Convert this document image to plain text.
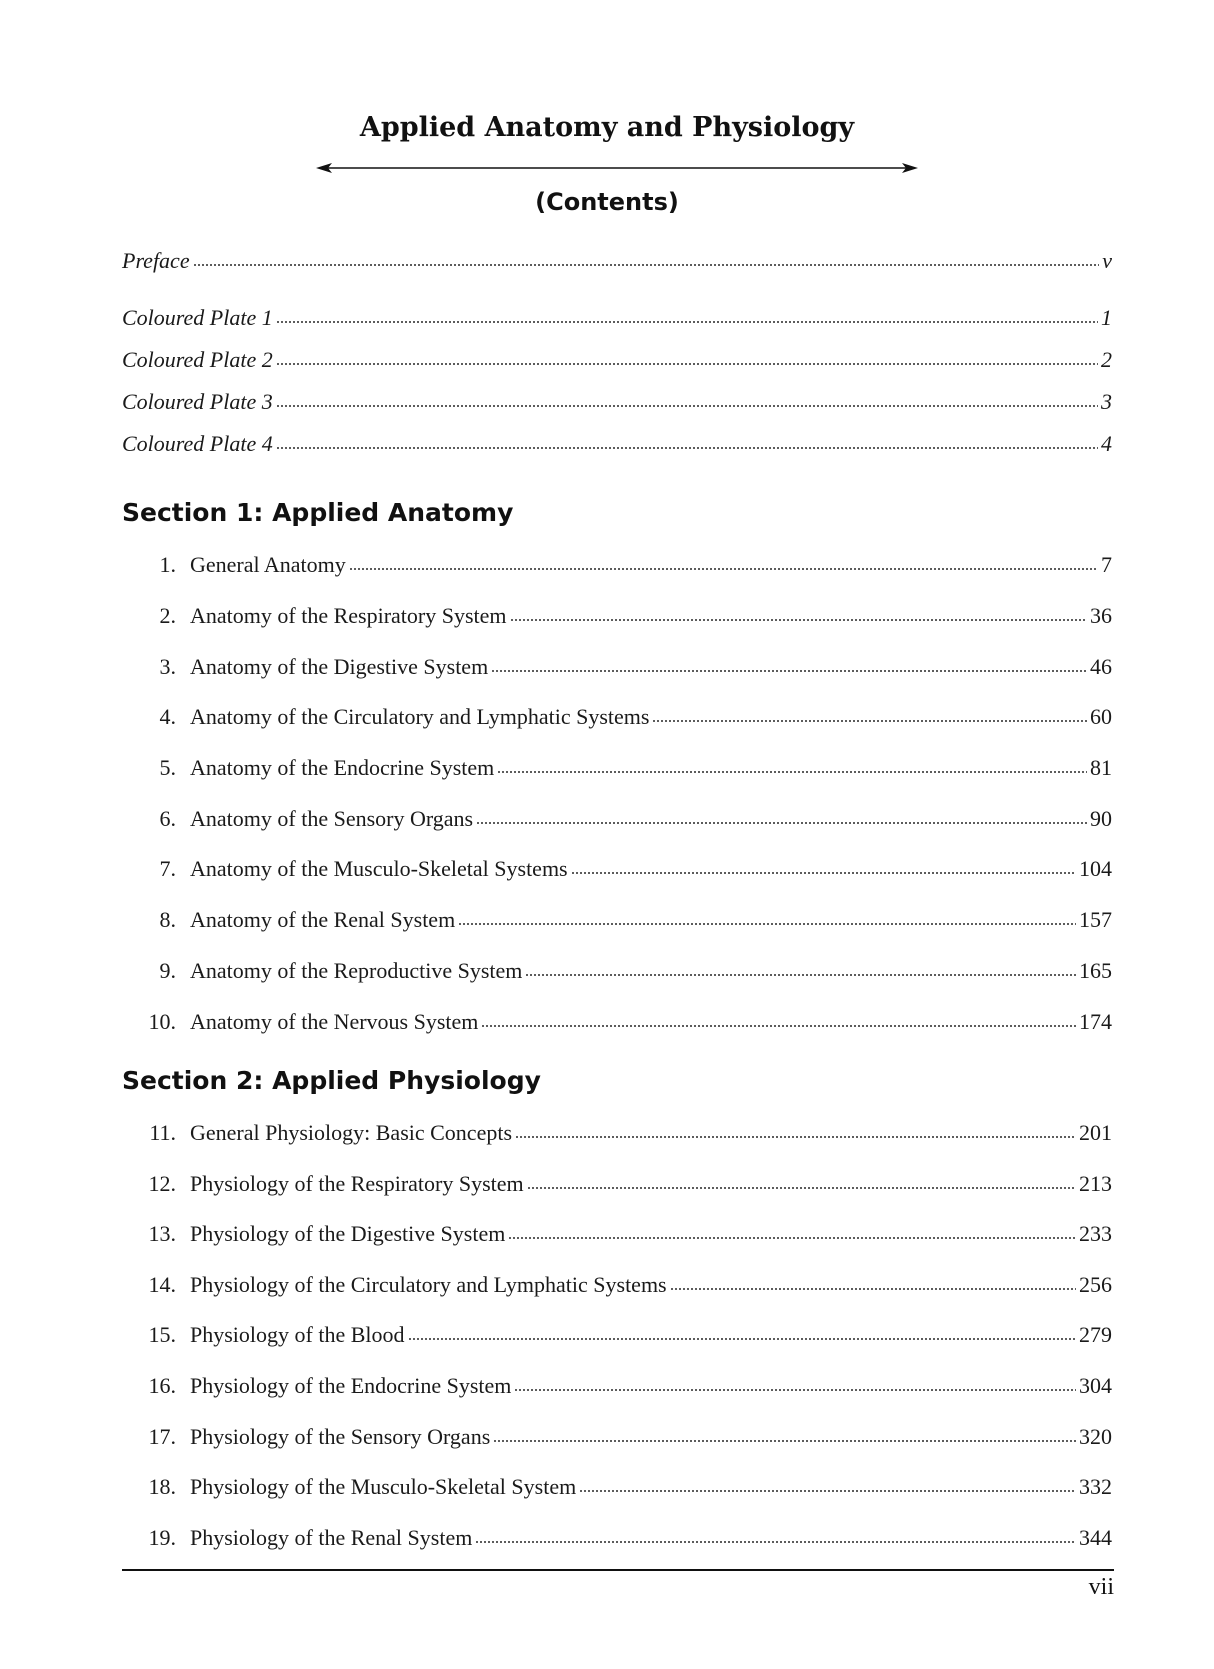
Applied Anatomy and Physiology
(Contents)
Preface	v
Coloured Plate 1	1
Coloured Plate 2	2
Coloured Plate 3	3
Coloured Plate 4	4
Section 1: Applied Anatomy
1. General Anatomy	7
2. Anatomy of the Respiratory System	36
3. Anatomy of the Digestive System	46
4. Anatomy of the Circulatory and Lymphatic Systems	60
5. Anatomy of the Endocrine System	81
6. Anatomy of the Sensory Organs	90
7. Anatomy of the Musculo-Skeletal Systems	104
8. Anatomy of the Renal System	157
9. Anatomy of the Reproductive System	165
10. Anatomy of the Nervous System	174
Section 2: Applied Physiology
11. General Physiology: Basic Concepts	201
12. Physiology of the Respiratory System	213
13. Physiology of the Digestive System	233
14. Physiology of the Circulatory and Lymphatic Systems	256
15. Physiology of the Blood	279
16. Physiology of the Endocrine System	304
17. Physiology of the Sensory Organs	320
18. Physiology of the Musculo-Skeletal System	332
19. Physiology of the Renal System	344
vii
